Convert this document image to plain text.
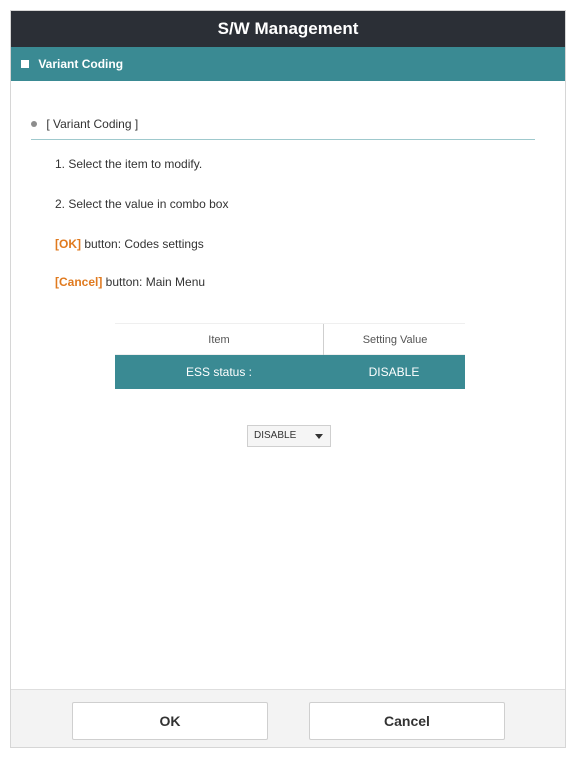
S/W Management
Variant Coding
[ Variant Coding ]
1. Select the item to modify.
2. Select the value in combo box
[OK] button: Codes settings
[Cancel] button: Main Menu
Item	Setting Value
ESS status :	DISABLE
DISABLE
OK	Cancel
